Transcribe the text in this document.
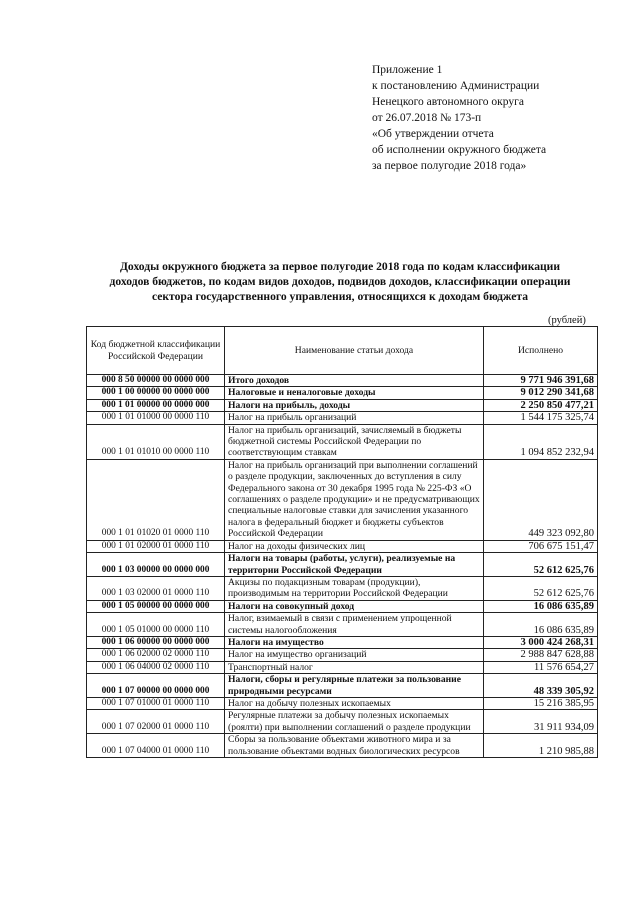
Приложение 1
к постановлению Администрации
Ненецкого автономного округа
от 26.07.2018 № 173-п
«Об утверждении отчета
об исполнении окружного бюджета
за первое полугодие 2018 года»
Доходы окружного бюджета за первое полугодие 2018 года по кодам классификации
доходов бюджетов, по кодам видов доходов, подвидов доходов, классификации операции
сектора государственного управления, относящихся к доходам бюджета
(рублей)
Код бюджетной классификации Российской Федерации	Наименование статьи дохода	Исполнено
000 8 50 00000 00 0000 000	Итого доходов	9 771 946 391,68
000 1 00 00000 00 0000 000	Налоговые и неналоговые доходы	9 012 290 341,68
000 1 01 00000 00 0000 000	Налоги на прибыль, доходы	2 250 850 477,21
000 1 01 01000 00 0000 110	Налог на прибыль организаций	1 544 175 325,74
000 1 01 01010 00 0000 110	Налог на прибыль организаций, зачисляемый в бюджеты бюджетной системы Российской Федерации по соответствующим ставкам	1 094 852 232,94
000 1 01 01020 01 0000 110	Налог на прибыль организаций при выполнении соглашений о разделе продукции, заключенных до вступления в силу Федерального закона от 30 декабря 1995 года № 225-ФЗ «О соглашениях о разделе продукции» и не предусматривающих специальные налоговые ставки для зачисления указанного налога в федеральный бюджет и бюджеты субъектов Российской Федерации	449 323 092,80
000 1 01 02000 01 0000 110	Налог на доходы физических лиц	706 675 151,47
000 1 03 00000 00 0000 000	Налоги на товары (работы, услуги), реализуемые на территории Российской Федерации	52 612 625,76
000 1 03 02000 01 0000 110	Акцизы по подакцизным товарам (продукции), производимым на территории Российской Федерации	52 612 625,76
000 1 05 00000 00 0000 000	Налоги на совокупный доход	16 086 635,89
000 1 05 01000 00 0000 110	Налог, взимаемый в связи с применением упрощенной системы налогообложения	16 086 635,89
000 1 06 00000 00 0000 000	Налоги на имущество	3 000 424 268,31
000 1 06 02000 02 0000 110	Налог на имущество организаций	2 988 847 628,88
000 1 06 04000 02 0000 110	Транспортный налог	11 576 654,27
000 1 07 00000 00 0000 000	Налоги, сборы и регулярные платежи за пользование природными ресурсами	48 339 305,92
000 1 07 01000 01 0000 110	Налог на добычу полезных ископаемых	15 216 385,95
000 1 07 02000 01 0000 110	Регулярные платежи за добычу полезных ископаемых (роялти) при выполнении соглашений о разделе продукции	31 911 934,09
000 1 07 04000 01 0000 110	Сборы за пользование объектами животного мира и за пользование объектами водных биологических ресурсов	1 210 985,88
